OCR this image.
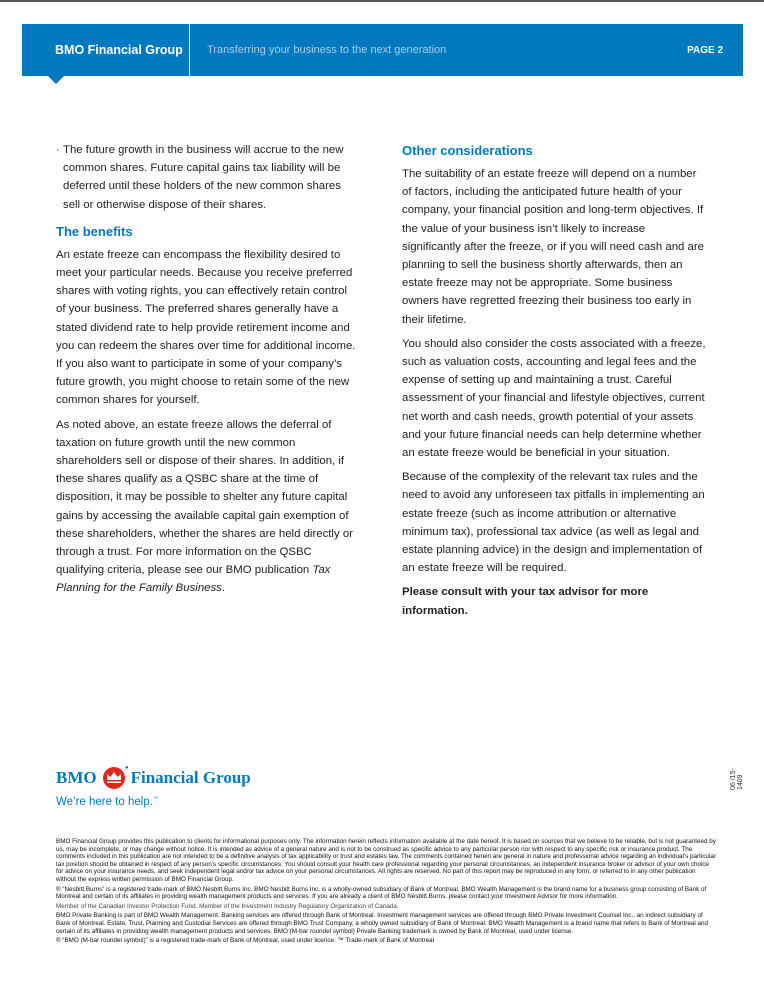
BMO Financial Group	Transferring your business to the next generation	PAGE 2
· The future growth in the business will accrue to the new common shares. Future capital gains tax liability will be deferred until these holders of the new common shares sell or otherwise dispose of their shares.
The benefits

An estate freeze can encompass the flexibility desired to meet your particular needs. Because you receive preferred shares with voting rights, you can effectively retain control of your business. The preferred shares generally have a stated dividend rate to help provide retirement income and you can redeem the shares over time for additional income. If you also want to participate in some of your company’s future growth, you might choose to retain some of the new common shares for yourself.

As noted above, an estate freeze allows the deferral of taxation on future growth until the new common shareholders sell or dispose of their shares. In addition, if these shares qualify as a QSBC share at the time of disposition, it may be possible to shelter any future capital gains by accessing the available capital gain exemption of these shareholders, whether the shares are held directly or through a trust. For more information on the QSBC qualifying criteria, please see our BMO publication Tax Planning for the Family Business.

Other considerations

The suitability of an estate freeze will depend on a number of factors, including the anticipated future health of your company, your financial position and long-term objectives. If the value of your business isn’t likely to increase significantly after the freeze, or if you will need cash and are planning to sell the business shortly afterwards, then an estate freeze may not be appropriate. Some business owners have regretted freezing their business too early in their lifetime.

You should also consider the costs associated with a freeze, such as valuation costs, accounting and legal fees and the expense of setting up and maintaining a trust. Careful assessment of your financial and lifestyle objectives, current net worth and cash needs, growth potential of your assets and your future financial needs can help determine whether an estate freeze would be beneficial in your situation.

Because of the complexity of the relevant tax rules and the need to avoid any unforeseen tax pitfalls in implementing an estate freeze (such as income attribution or alternative minimum tax), professional tax advice (as well as legal and estate planning advice) in the design and implementation of an estate freeze will be required.

Please consult with your tax advisor for more information.

BMO	● Financial Group
We’re here to help.™
06 /15-1409

BMO Financial Group provides this publication to clients for informational purposes only. The information herein reflects information available at the date hereof. It is based on sources that we believe to be reliable, but is not guaranteed by us, may be incomplete, or may change without notice. It is intended as advice of a general nature and is not to be construed as specific advice to any particular person nor with respect to any specific risk or insurance product. The comments included in this publication are not intended to be a definitive analysis of tax applicability or trust and estates law. The comments contained herein are general in nature and professional advice regarding an individual’s particular tax position should be obtained in respect of any person’s specific circumstances. You should consult your health care professional regarding your personal circumstances, an independent insurance broker or advisor of your own choice for advice on your insurance needs, and seek independent legal and/or tax advice on your personal circumstances. All rights are reserved. No part of this report may be reproduced in any form, or referred to in any other publication without the express written permission of BMO Financial Group.

® “Nesbitt Burns” is a registered trade-mark of BMO Nesbitt Burns Inc. BMO Nesbitt Burns Inc. is a wholly-owned subsidiary of Bank of Montreal. BMO Wealth Management is the brand name for a business group consisting of Bank of Montreal and certain of its affiliates in providing wealth management products and services. If you are already a client of BMO Nesbitt Burns, please contact your Investment Advisor for more information.

Member of the Canadian Investor Protection Fund. Member of the Investment Industry Regulatory Organization of Canada.

BMO Private Banking is part of BMO Wealth Management. Banking services are offered through Bank of Montreal. Investment management services are offered through BMO Private Investment Counsel Inc., an indirect subsidiary of Bank of Montreal. Estate, Trust, Planning and Custodial Services are offered through BMO Trust Company, a wholly owned subsidiary of Bank of Montreal. BMO Wealth Management is a brand name that refers to Bank of Montreal and certain of its affiliates in providing wealth management products and services. BMO (M-bar roundel symbol) Private Banking trademark is owned by Bank of Montreal, used under license.

® “BMO (M-bar roundel symbol)” is a registered trade-mark of Bank of Montreal, used under licence. ™ Trade-mark of Bank of Montreal
